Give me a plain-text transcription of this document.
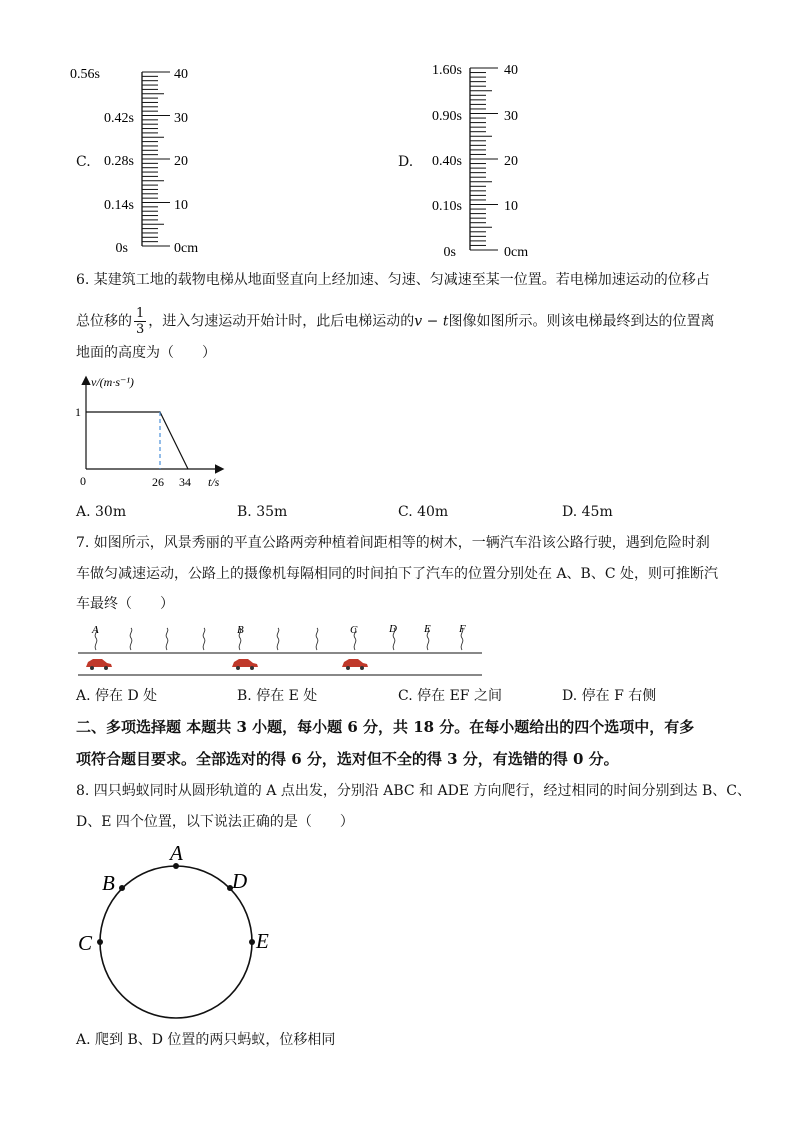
0.56s
0.42s
0.28s
0.14s
0s
40
30
20
10
0cm
C.
1.60s
0.90s
0.40s
0.10s
0s
40
30
20
10
0cm
D.
6. 某建筑工地的载物电梯从地面竖直向上经加速、匀速、匀减速至某一位置。若电梯加速运动的位移占
总位移的 $\frac{1}{3}$ ，进入匀速运动开始计时，此后电梯运动的v − t图像如图所示。则该电梯最终到达的位置离
地面的高度为（　　）
v/(m·s⁻¹)
t/s
1
0	26 34
A. 30m	B. 35m	C. 40m	D. 45m
7. 如图所示，风景秀丽的平直公路两旁种植着间距相等的树木，一辆汽车沿该公路行驶，遇到危险时刹
车做匀减速运动，公路上的摄像机每隔相同的时间拍下了汽车的位置分别处在 A、B、C 处，则可推断汽
车最终（　　）
A	B	C	D E	F
A. 停在 D 处	B. 停在 E 处	C. 停在 EF 之间	D. 停在 F 右侧
二、多项选择题 本题共 3 小题，每小题 6 分，共 18 分。在每小题给出的四个选项中，有多
项符合题目要求。全部选对的得 6 分，选对但不全的得 3 分，有选错的得 0 分。
8. 四只蚂蚁同时从圆形轨道的 A 点出发，分别沿 ABC 和 ADE 方向爬行，经过相同的时间分别到达 B、C、
D、E 四个位置，以下说法正确的是（　　）
A
B
C
D
E
A. 爬到 B、D 位置的两只蚂蚁，位移相同
